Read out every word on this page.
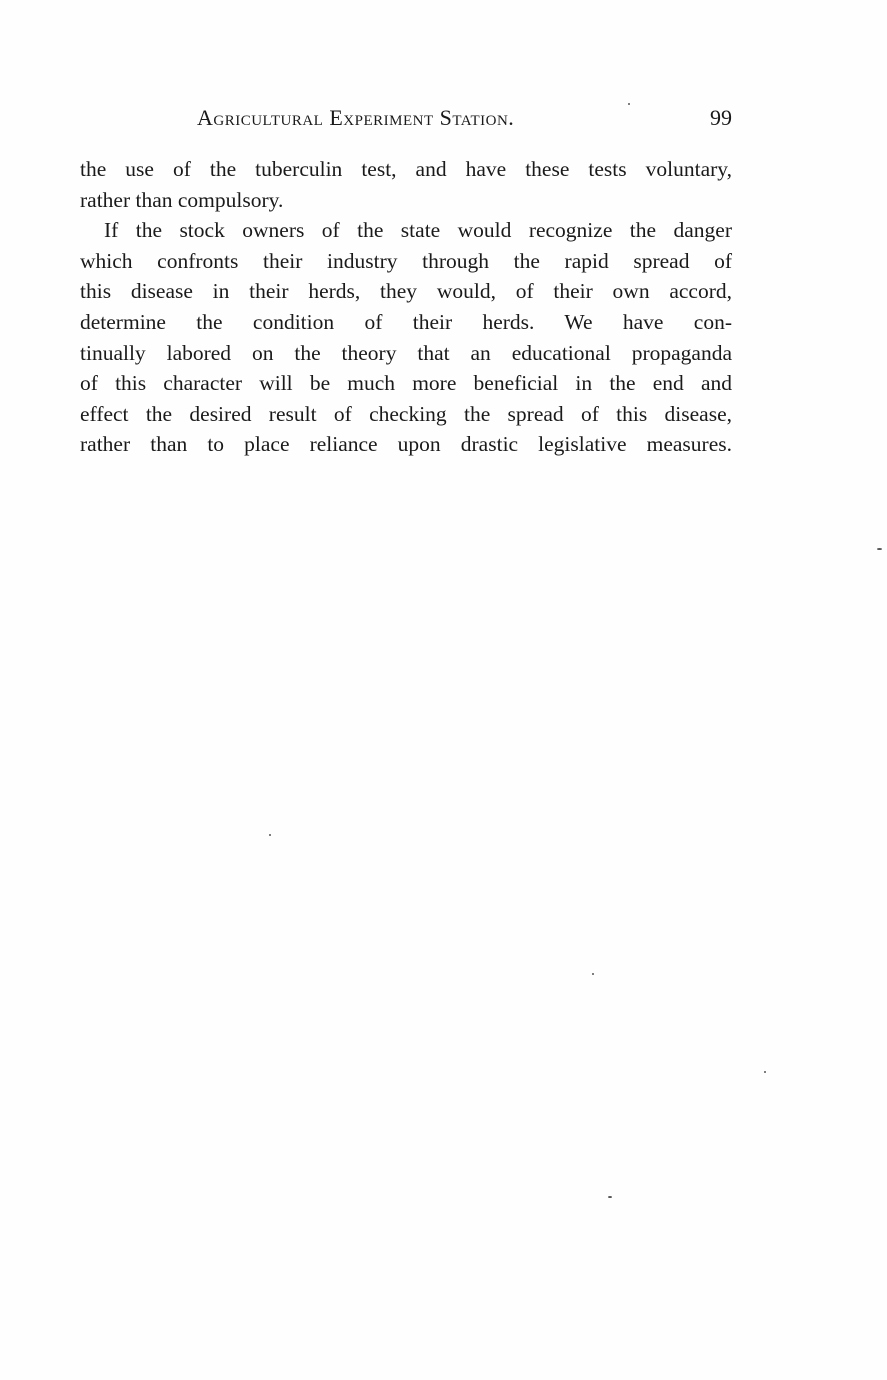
Agricultural Experiment Station.	99
the use of the tuberculin test, and have these tests voluntary,
rather than compulsory.
If the stock owners of the state would recognize the danger
which confronts their industry through the rapid spread of
this disease in their herds, they would, of their own accord,
determine the condition of their herds. We have con-
tinually labored on the theory that an educational propaganda
of this character will be much more beneficial in the end and
effect the desired result of checking the spread of this disease,
rather than to place reliance upon drastic legislative measures.
